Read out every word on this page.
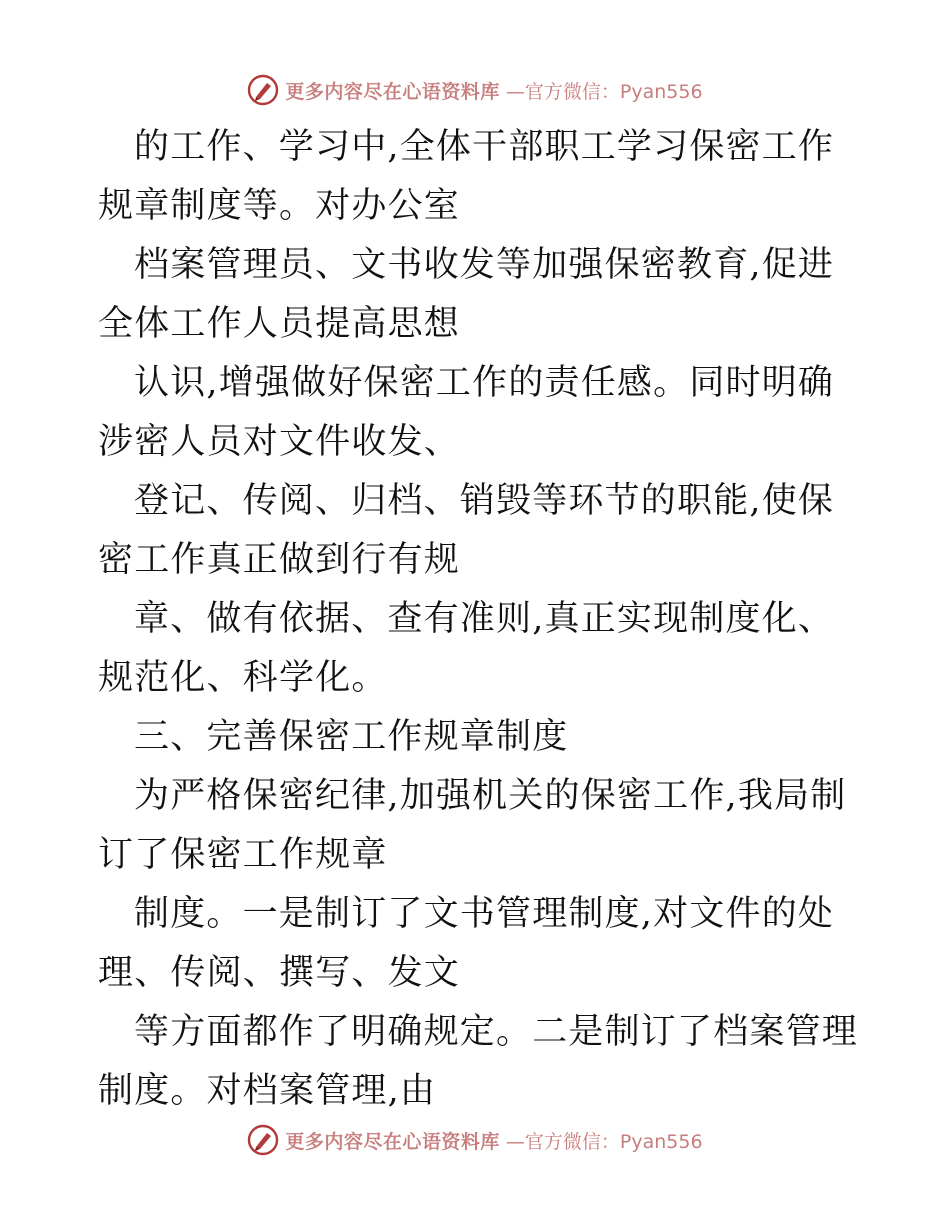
更多内容尽在心语资料库 —官方微信：Pyan556

的工作、学习中,全体干部职工学习保密工作规章制度等。对办公室

档案管理员、文书收发等加强保密教育,促进全体工作人员提高思想

认识,增强做好保密工作的责任感。同时明确涉密人员对文件收发、

登记、传阅、归档、销毁等环节的职能,使保密工作真正做到行有规

章、做有依据、查有准则,真正实现制度化、规范化、科学化。

三、完善保密工作规章制度

为严格保密纪律,加强机关的保密工作,我局制订了保密工作规章

制度。一是制订了文书管理制度,对文件的处理、传阅、撰写、发文

等方面都作了明确规定。二是制订了档案管理制度。对档案管理,由

更多内容尽在心语资料库 —官方微信：Pyan556
